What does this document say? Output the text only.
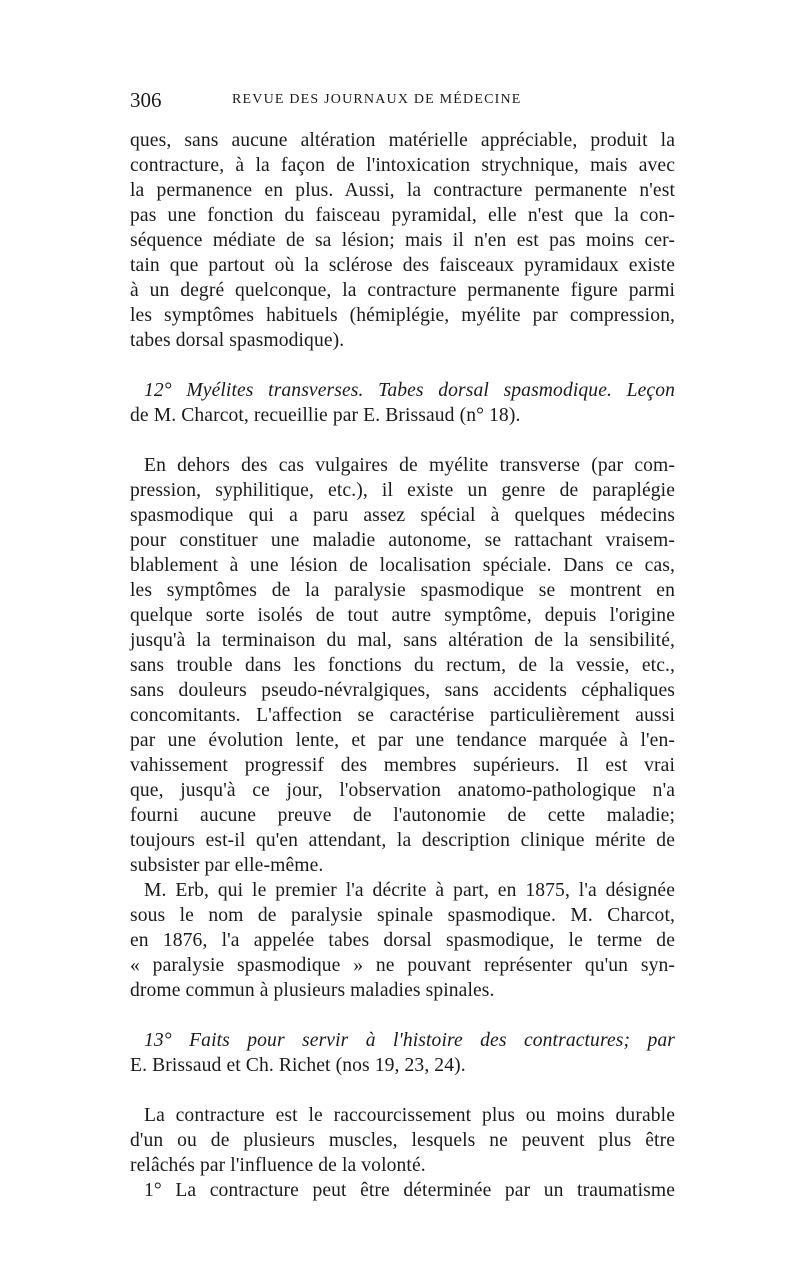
306	REVUE DES JOURNAUX DE MÉDECINE
ques, sans aucune altération matérielle appréciable, produit la
contracture, à la façon de l'intoxication strychnique, mais avec
la permanence en plus. Aussi, la contracture permanente n'est
pas une fonction du faisceau pyramidal, elle n'est que la con-
séquence médiate de sa lésion; mais il n'en est pas moins cer-
tain que partout où la sclérose des faisceaux pyramidaux existe
à un degré quelconque, la contracture permanente figure parmi
les symptômes habituels (hémiplégie, myélite par compression,
tabes dorsal spasmodique).
12° Myélites transverses. Tabes dorsal spasmodique. Leçon
de M. Charcot, recueillie par E. Brissaud (n° 18).
En dehors des cas vulgaires de myélite transverse (par com-
pression, syphilitique, etc.), il existe un genre de paraplégie
spasmodique qui a paru assez spécial à quelques médecins
pour constituer une maladie autonome, se rattachant vraisem-
blablement à une lésion de localisation spéciale. Dans ce cas,
les symptômes de la paralysie spasmodique se montrent en
quelque sorte isolés de tout autre symptôme, depuis l'origine
jusqu'à la terminaison du mal, sans altération de la sensibilité,
sans trouble dans les fonctions du rectum, de la vessie, etc.,
sans douleurs pseudo-névralgiques, sans accidents céphaliques
concomitants. L'affection se caractérise particulièrement aussi
par une évolution lente, et par une tendance marquée à l'en-
vahissement progressif des membres supérieurs. Il est vrai
que, jusqu'à ce jour, l'observation anatomo-pathologique n'a
fourni aucune preuve de l'autonomie de cette maladie;
toujours est-il qu'en attendant, la description clinique mérite de
subsister par elle-même.
M. Erb, qui le premier l'a décrite à part, en 1875, l'a désignée
sous le nom de paralysie spinale spasmodique. M. Charcot,
en 1876, l'a appelée tabes dorsal spasmodique, le terme de
« paralysie spasmodique » ne pouvant représenter qu'un syn-
drome commun à plusieurs maladies spinales.
13° Faits pour servir à l'histoire des contractures; par
E. Brissaud et Ch. Richet (nos 19, 23, 24).
La contracture est le raccourcissement plus ou moins durable
d'un ou de plusieurs muscles, lesquels ne peuvent plus être
relâchés par l'influence de la volonté.
1° La contracture peut être déterminée par un traumatisme
